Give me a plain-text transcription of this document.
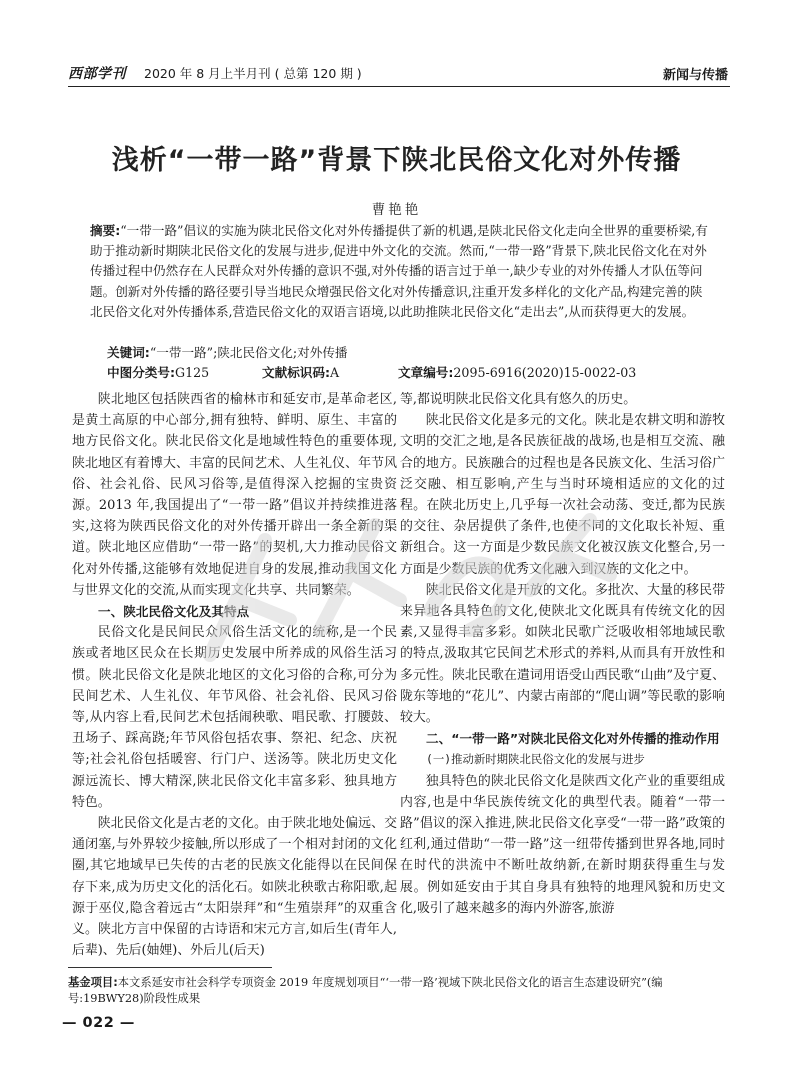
西部学刊 2020 年 8 月上半月刊 ( 总第 120 期 )	新闻与传播
浅析“一带一路”背景下陕北民俗文化对外传播
曹艳艳
摘要:“一带一路”倡议的实施为陕北民俗文化对外传播提供了新的机遇,是陕北民俗文化走向全世界的重要桥梁,有助于推动新时期陕北民俗文化的发展与进步,促进中外文化的交流。然而,“一带一路”背景下,陕北民俗文化在对外传播过程中仍然存在人民群众对外传播的意识不强,对外传播的语言过于单一,缺少专业的对外传播人才队伍等问题。创新对外传播的路径要引导当地民众增强民俗文化对外传播意识,注重开发多样化的文化产品,构建完善的陕北民俗文化对外传播体系,营造民俗文化的双语言语境,以此助推陕北民俗文化“走出去”,从而获得更大的发展。
关键词:“一带一路”;陕北民俗文化;对外传播
中图分类号:G125	文献标识码:A	文章编号:2095-6916(2020)15-0022-03

陕北地区包括陕西省的榆林市和延安市,是革命老区,是黄土高原的中心部分,拥有独特、鲜明、原生、丰富的地方民俗文化。陕北民俗文化是地域性特色的重要体现,陕北地区有着博大、丰富的民间艺术、人生礼仪、年节风俗、社会礼俗、民风习俗等,是值得深入挖掘的宝贵资源。2013 年,我国提出了“一带一路”倡议并持续推进落实,这将为陕西民俗文化的对外传播开辟出一条全新的渠道。陕北地区应借助“一带一路”的契机,大力推动民俗文化对外传播,这能够有效地促进自身的发展,推动我国文化与世界文化的交流,从而实现文化共享、共同繁荣。

一、陕北民俗文化及其特点

民俗文化是民间民众风俗生活文化的统称,是一个民族或者地区民众在长期历史发展中所养成的风俗生活习惯。陕北民俗文化是陕北地区的文化习俗的合称,可分为民间艺术、人生礼仪、年节风俗、社会礼俗、民风习俗等,从内容上看,民间艺术包括闹秧歌、唱民歌、打腰鼓、丑场子、踩高跷;年节风俗包括农事、祭祀、纪念、庆祝等;社会礼俗包括暖窖、行门户、送汤等。陕北历史文化源远流长、博大精深,陕北民俗文化丰富多彩、独具地方特色。

陕北民俗文化是古老的文化。由于陕北地处偏远、交通闭塞,与外界较少接触,所以形成了一个相对封闭的文化圈,其它地域早已失传的古老的民族文化能得以在民间保存下来,成为历史文化的活化石。如陕北秧歌古称阳歌,起源于巫仪,隐含着远古“太阳崇拜”和“生殖崇拜”的双重含义。陕北方言中保留的古诗语和宋元方言,如后生(青年人,后辈)、先后(妯娌)、外后儿(后天)

等,都说明陕北民俗文化具有悠久的历史。

陕北民俗文化是多元的文化。陕北是农耕文明和游牧文明的交汇之地,是各民族征战的战场,也是相互交流、融合的地方。民族融合的过程也是各民族文化、生活习俗广泛交融、相互影响,产生与当时环境相适应的文化的过程。在陕北历史上,几乎每一次社会动荡、变迁,都为民族的交往、杂居提供了条件,也使不同的文化取长补短、重新组合。这一方面是少数民族文化被汉族文化整合,另一方面是少数民族的优秀文化融入到汉族的文化之中。

陕北民俗文化是开放的文化。多批次、大量的移民带来异地各具特色的文化,使陕北文化既具有传统文化的因素,又显得丰富多彩。如陕北民歌广泛吸收相邻地域民歌的特点,汲取其它民间艺术形式的养料,从而具有开放性和多元性。陕北民歌在遣词用语受山西民歌“山曲”及宁夏、陇东等地的“花儿”、内蒙古南部的“爬山调”等民歌的影响较大。

二、“一带一路”对陕北民俗文化对外传播的推动作用
(一)推动新时期陕北民俗文化的发展与进步

独具特色的陕北民俗文化是陕西文化产业的重要组成内容,也是中华民族传统文化的典型代表。随着“一带一路”倡议的深入推进,陕北民俗文化享受“一带一路”政策的红利,通过借助“一带一路”这一纽带传播到世界各地,同时在时代的洪流中不断吐故纳新,在新时期获得重生与发展。例如延安由于其自身具有独特的地理风貌和历史文化,吸引了越来越多的海内外游客,旅游

基金项目:本文系延安市社会科学专项资金 2019 年度规划项目“‘一带一路’视域下陕北民俗文化的语言生态建设研究”(编号:19BWY28)阶段性成果
— 022 —
